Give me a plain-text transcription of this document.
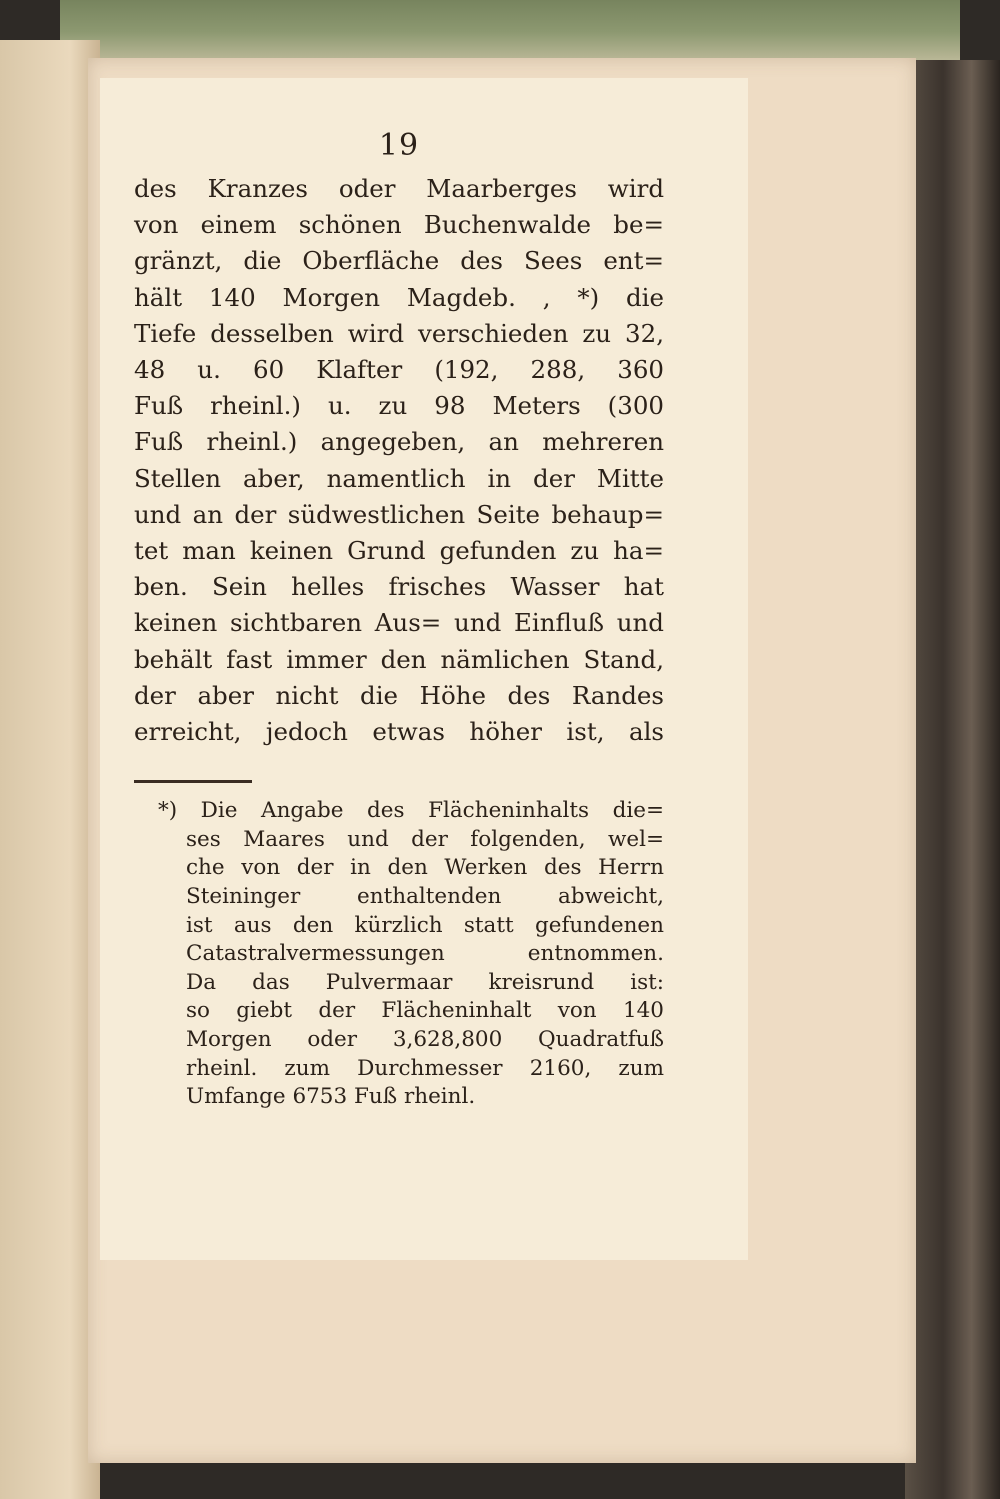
19
des Kranzes oder Maarberges wird
von einem schönen Buchenwalde be=
gränzt, die Oberfläche des Sees ent=
hält 140 Morgen Magdeb. , *) die
Tiefe desselben wird verschieden zu 32,
48 u. 60 Klafter (192, 288, 360
Fuß rheinl.) u. zu 98 Meters (300
Fuß rheinl.) angegeben, an mehreren
Stellen aber, namentlich in der Mitte
und an der südwestlichen Seite behaup=
tet man keinen Grund gefunden zu ha=
ben. Sein helles frisches Wasser hat
keinen sichtbaren Aus= und Einfluß und
behält fast immer den nämlichen Stand,
der aber nicht die Höhe des Randes
erreicht, jedoch etwas höher ist, als
*) Die Angabe des Flächeninhalts die=
ses Maares und der folgenden, wel=
che von der in den Werken des Herrn
Steininger enthaltenden abweicht,
ist aus den kürzlich statt gefundenen
Catastralvermessungen entnommen.
Da das Pulvermaar kreisrund ist:
so giebt der Flächeninhalt von 140
Morgen oder 3,628,800 Quadratfuß
rheinl. zum Durchmesser 2160, zum
Umfange 6753 Fuß rheinl.
